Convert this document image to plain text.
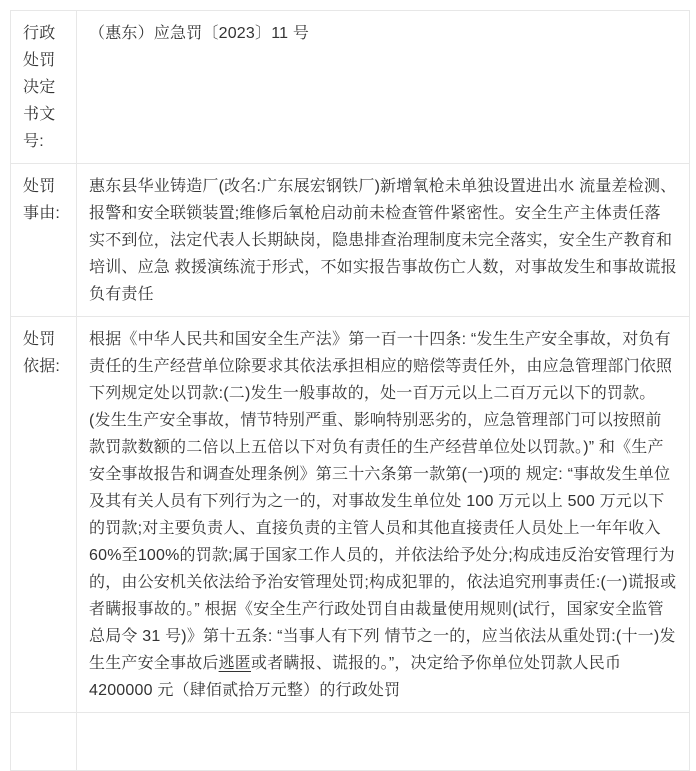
行政处罚决定书文号:	（惠东）应急罚〔2023〕11 号
处罚事由:	惠东县华业铸造厂(改名:广东展宏钢铁厂)新增氧枪未单独设置进出水 流量差检测、报警和安全联锁装置;维修后氧枪启动前未检查管件紧密性。安全生产主体责任落 实不到位，法定代表人长期缺岗，隐患排查治理制度未完全落实，安全生产教育和培训、应急 救援演练流于形式，不如实报告事故伤亡人数，对事故发生和事故谎报负有责任
处罚依据:	根据《中华人民共和国安全生产法》第一百一十四条: “发生生产安全事故，对负有责任的生产经营单位除要求其依法承担相应的赔偿等责任外，由应急管理部门依照下列规定处以罚款:(二)发生一般事故的，处一百万元以上二百万元以下的罚款。(发生生产安全事故，情节特别严重、影响特别恶劣的，应急管理部门可以按照前款罚款数额的二倍以上五倍以下对负有责任的生产经营单位处以罚款。)” 和《生产安全事故报告和调查处理条例》第三十六条第一款第(一)项的 规定: “事故发生单位及其有关人员有下列行为之一的，对事故发生单位处 100 万元以上 500 万元以下的罚款;对主要负责人、直接负责的主管人员和其他直接责任人员处上一年年收入 60%至100%的罚款;属于国家工作人员的，并依法给予处分;构成违反治安管理行为的，由公安机关依法给予治安管理处罚;构成犯罪的，依法追究刑事责任:(一)谎报或者瞒报事故的。” 根据《安全生产行政处罚自由裁量使用规则(试行，国家安全监管总局令 31 号)》第十五条: “当事人有下列 情节之一的，应当依法从重处罚:(十一)发生生产安全事故后逃匿或者瞒报、谎报的。”，决定给予你单位处罚款人民币 4200000 元（肆佰贰拾万元整）的行政处罚
